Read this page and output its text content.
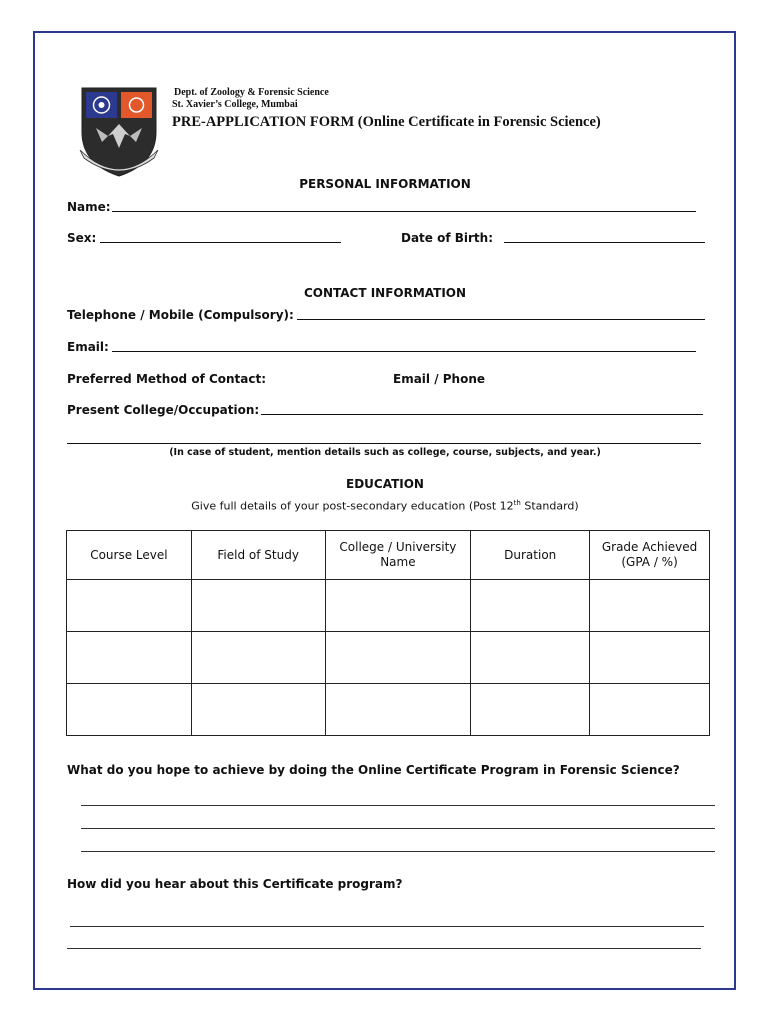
Dept. of Zoology & Forensic Science
St. Xavier’s College, Mumbai
PRE-APPLICATION FORM (Online Certificate in Forensic Science)
PERSONAL INFORMATION
Name:
Sex:	Date of Birth:
CONTACT INFORMATION
Telephone / Mobile (Compulsory):
Email:
Preferred Method of Contact:	Email / Phone
Present College/Occupation:
(In case of student, mention details such as college, course, subjects, and year.)
EDUCATION
Give full details of your post-secondary education (Post 12th Standard)
Course Level	Field of Study	College / University Name	Duration	Grade Achieved (GPA / %)

What do you hope to achieve by doing the Online Certificate Program in Forensic Science?
How did you hear about this Certificate program?
